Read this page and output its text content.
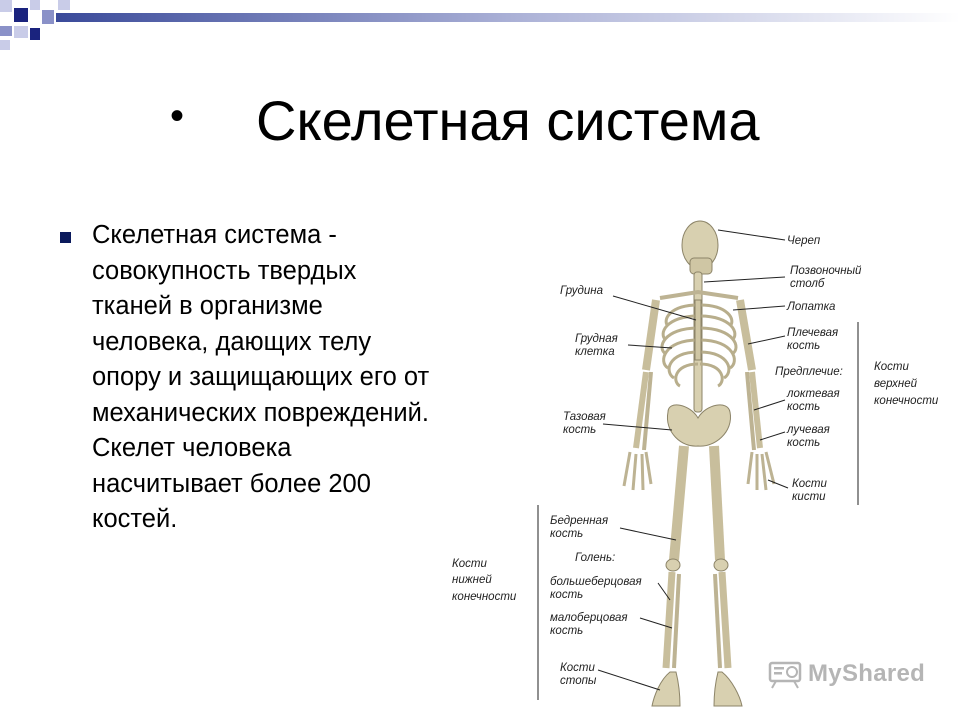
• Скелетная система
Скелетная система - совокупность твердых тканей в организме человека, дающих телу опору и защищающих его от механических повреждений. Скелет человека насчитывает более 200 костей.
Череп
Позвоночный
столб
Лопатка
Плечевая
кость
Предплечие:
локтевая
кость
лучевая
кость
Кости
кисти
Кости
верхней
конечности
Грудина
Грудная
клетка
Тазовая
кость
Бедренная
кость
Голень:
большеберцовая
кость
малоберцовая
кость
Кости
стопы
Кости
нижней
конечности
MyShared
